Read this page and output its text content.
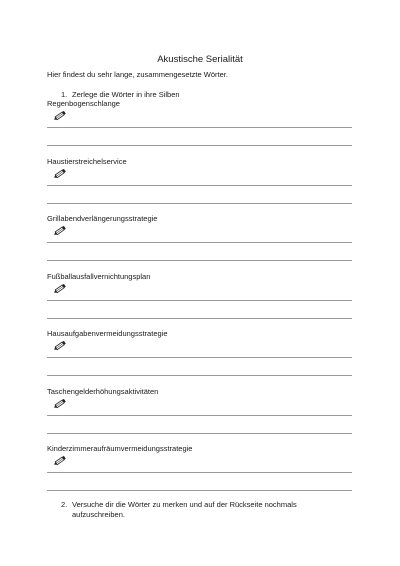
Akustische Serialität
Hier findest du sehr lange, zusammengesetzte Wörter.
1. Zerlege die Wörter in ihre Silben
Regenbogenschlange
Haustierstreichelservice
Grillabendverlängerungsstrategie
Fußballausfallvernichtungsplan
Hausaufgabenvermeidungsstrategie
Taschengelderhöhungsaktivitäten
Kinderzimmeraufräumvermeidungsstrategie
2. Versuche dir die Wörter zu merken und auf der Rückseite nochmals aufzuschreiben.
